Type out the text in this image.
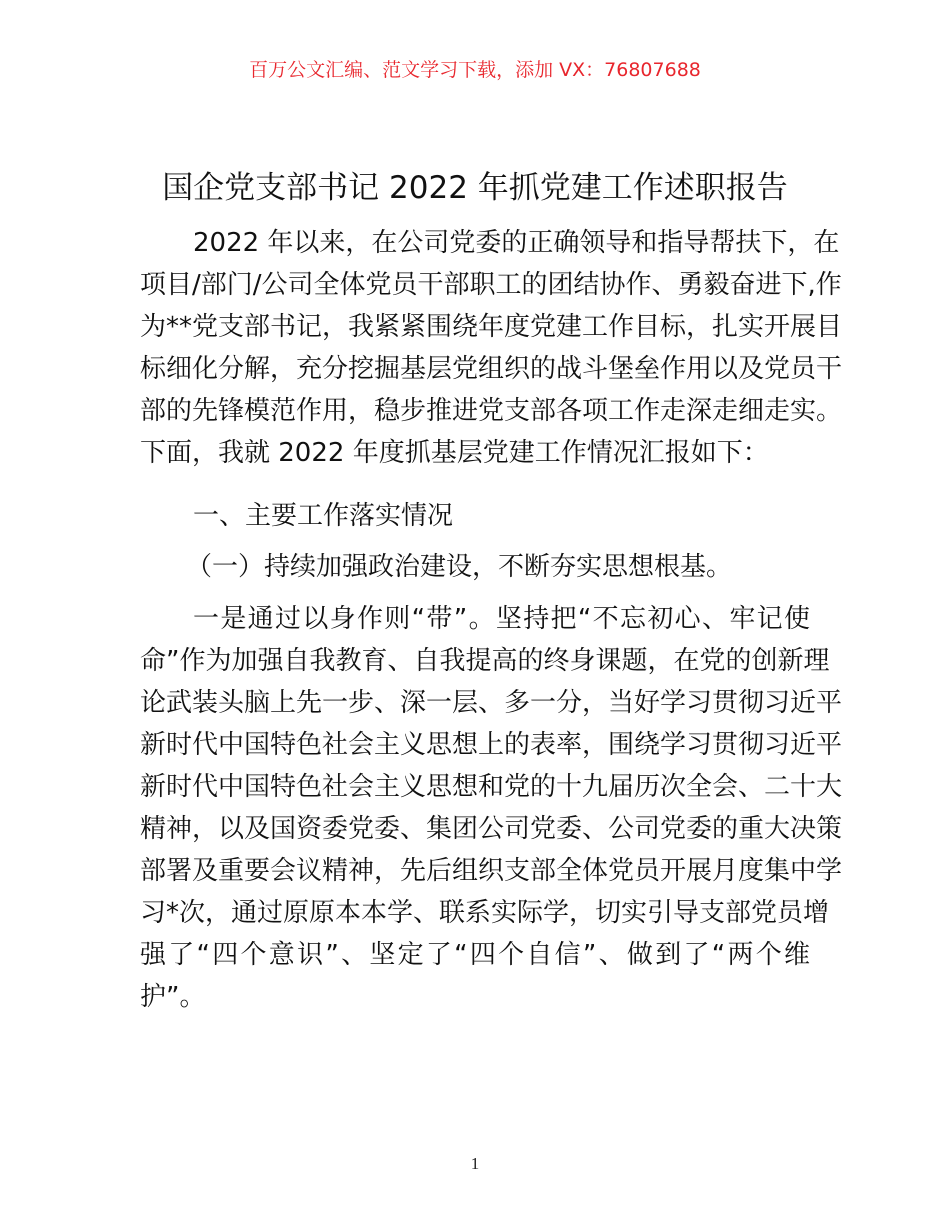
百万公文汇编、范文学习下载，添加 VX：76807688
国企党支部书记 2022 年抓党建工作述职报告
2022 年以来，在公司党委的正确领导和指导帮扶下，在
项目/部门/公司全体党员干部职工的团结协作、勇毅奋进下,作
为**党支部书记，我紧紧围绕年度党建工作目标，扎实开展目
标细化分解，充分挖掘基层党组织的战斗堡垒作用以及党员干
部的先锋模范作用，稳步推进党支部各项工作走深走细走实。
下面，我就 2022 年度抓基层党建工作情况汇报如下：
一、主要工作落实情况
（一）持续加强政治建设，不断夯实思想根基。
一是通过以身作则“带”。坚持把“不忘初心、牢记使
命”作为加强自我教育、自我提高的终身课题，在党的创新理
论武装头脑上先一步、深一层、多一分，当好学习贯彻习近平
新时代中国特色社会主义思想上的表率，围绕学习贯彻习近平
新时代中国特色社会主义思想和党的十九届历次全会、二十大
精神，以及国资委党委、集团公司党委、公司党委的重大决策
部署及重要会议精神，先后组织支部全体党员开展月度集中学
习*次，通过原原本本学、联系实际学，切实引导支部党员增
强了“四个意识”、坚定了“四个自信”、做到了“两个维
护”。
1
